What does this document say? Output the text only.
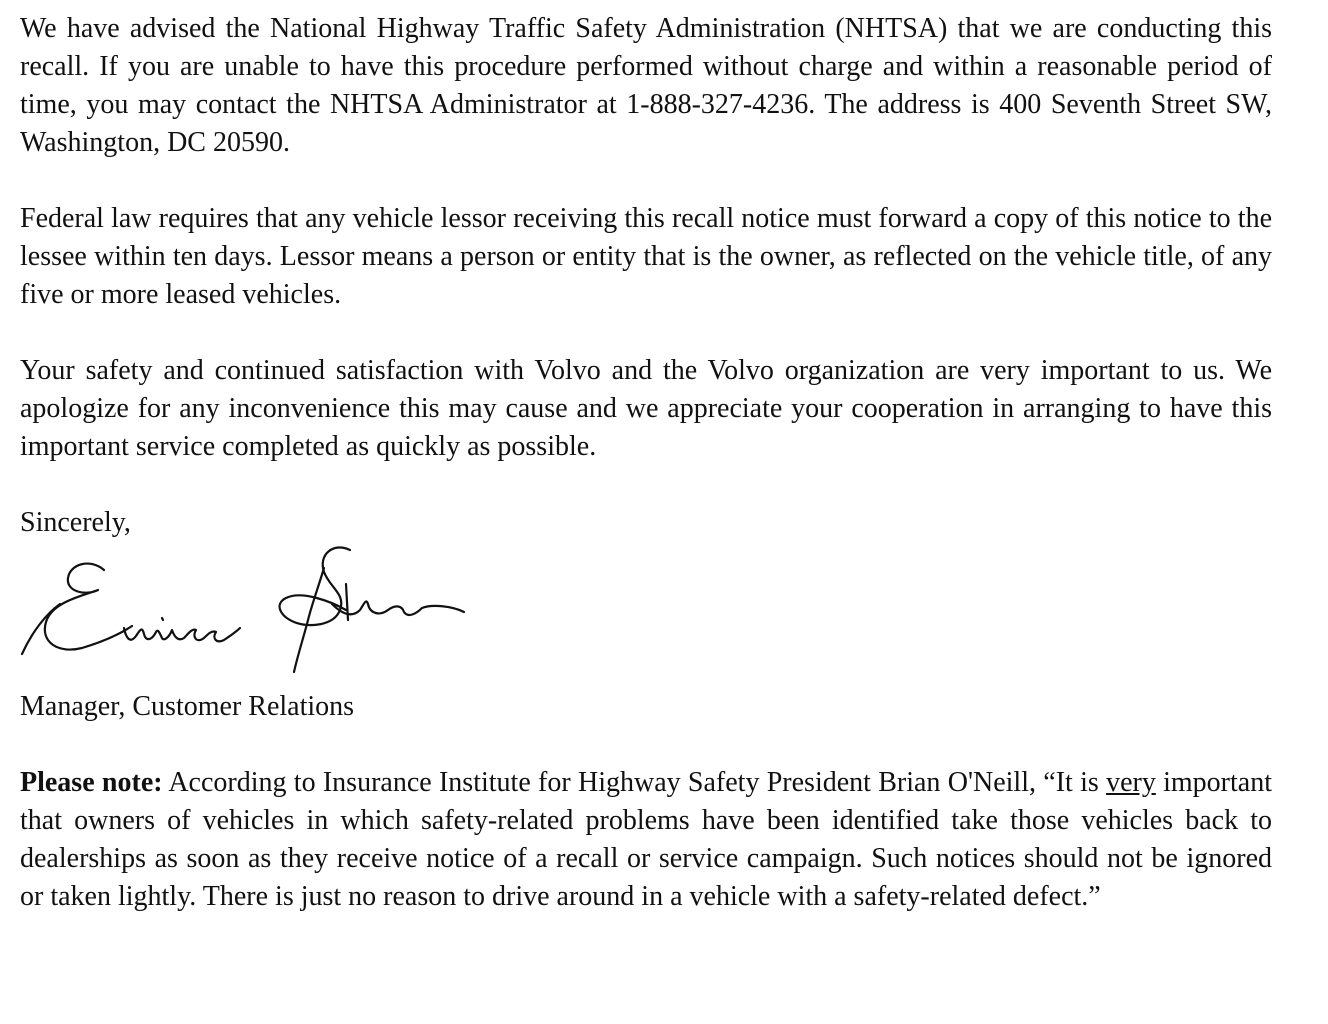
We have advised the National Highway Traffic Safety Administration (NHTSA) that we are conducting this recall. If you are unable to have this procedure performed without charge and within a reasonable period of time, you may contact the NHTSA Administrator at 1-888-327-4236. The address is 400 Seventh Street SW, Washington, DC 20590.

Federal law requires that any vehicle lessor receiving this recall notice must forward a copy of this notice to the lessee within ten days. Lessor means a person or entity that is the owner, as reflected on the vehicle title, of any five or more leased vehicles.

Your safety and continued satisfaction with Volvo and the Volvo organization are very important to us. We apologize for any inconvenience this may cause and we appreciate your cooperation in arranging to have this important service completed as quickly as possible.

Sincerely,

Manager, Customer Relations

Please note: According to Insurance Institute for Highway Safety President Brian O'Neill, “It is very important that owners of vehicles in which safety-related problems have been identified take those vehicles back to dealerships as soon as they receive notice of a recall or service campaign. Such notices should not be ignored or taken lightly. There is just no reason to drive around in a vehicle with a safety-related defect.”
